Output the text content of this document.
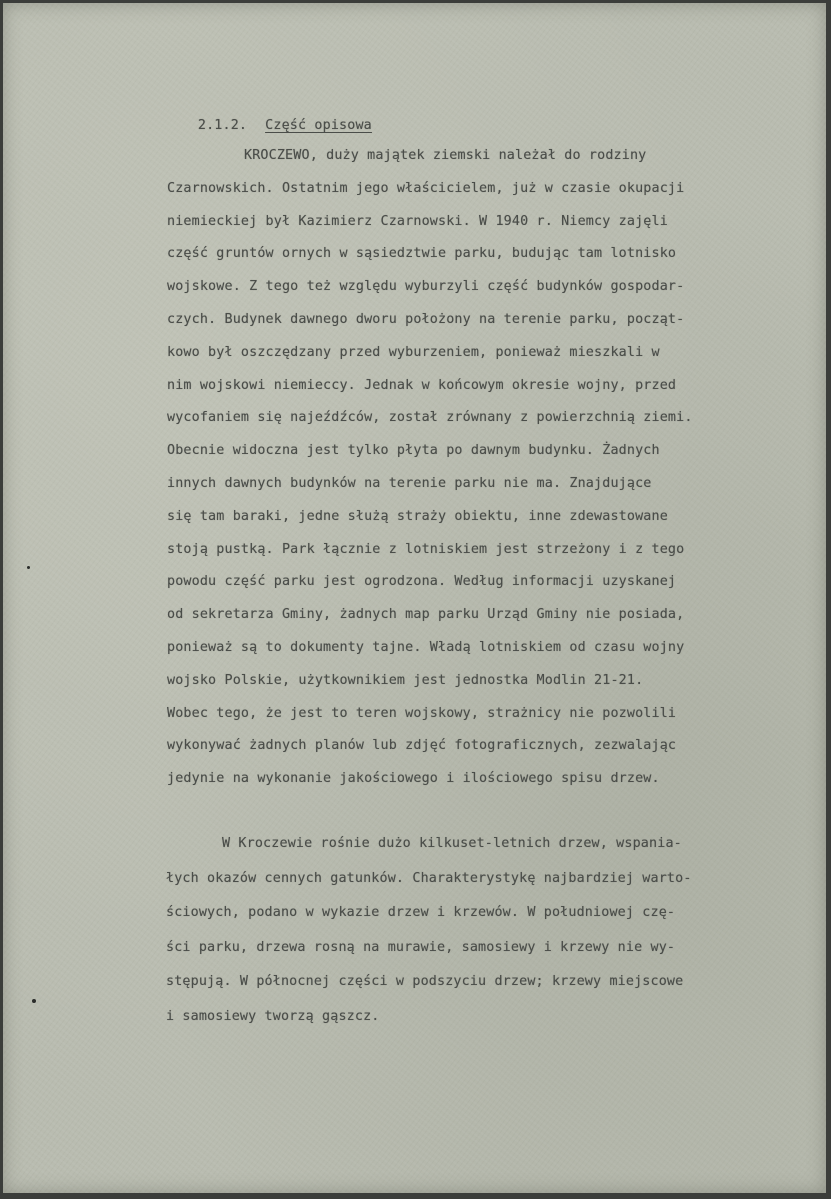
2.1.2. Część opisowa

KROCZEWO, duży majątek ziemski należał do rodziny
Czarnowskich. Ostatnim jego właścicielem, już w czasie okupacji
niemieckiej był Kazimierz Czarnowski. W 1940 r. Niemcy zajęli
część gruntów ornych w sąsiedztwie parku, budując tam lotnisko
wojskowe. Z tego też względu wyburzyli część budynków gospodar-
czych. Budynek dawnego dworu położony na terenie parku, począt-
kowo był oszczędzany przed wyburzeniem, ponieważ mieszkali w
nim wojskowi niemieccy. Jednak w końcowym okresie wojny, przed
wycofaniem się najeźdźców, został zrównany z powierzchnią ziemi.
Obecnie widoczna jest tylko płyta po dawnym budynku. Żadnych
innych dawnych budynków na terenie parku nie ma. Znajdujące
się tam baraki, jedne służą straży obiektu, inne zdewastowane
stoją pustką. Park łącznie z lotniskiem jest strzeżony i z tego
powodu część parku jest ogrodzona. Według informacji uzyskanej
od sekretarza Gminy, żadnych map parku Urząd Gminy nie posiada,
ponieważ są to dokumenty tajne. Władą lotniskiem od czasu wojny
wojsko Polskie, użytkownikiem jest jednostka Modlin 21-21.
Wobec tego, że jest to teren wojskowy, strażnicy nie pozwolili
wykonywać żadnych planów lub zdjęć fotograficznych, zezwalając
jedynie na wykonanie jakościowego i ilościowego spisu drzew.
W Kroczewie rośnie dużo kilkuset-letnich drzew, wspania-
łych okazów cennych gatunków. Charakterystykę najbardziej warto-
ściowych, podano w wykazie drzew i krzewów. W południowej czę-
ści parku, drzewa rosną na murawie, samosiewy i krzewy nie wy-
stępują. W północnej części w podszyciu drzew; krzewy miejscowe
i samosiewy tworzą gąszcz.
